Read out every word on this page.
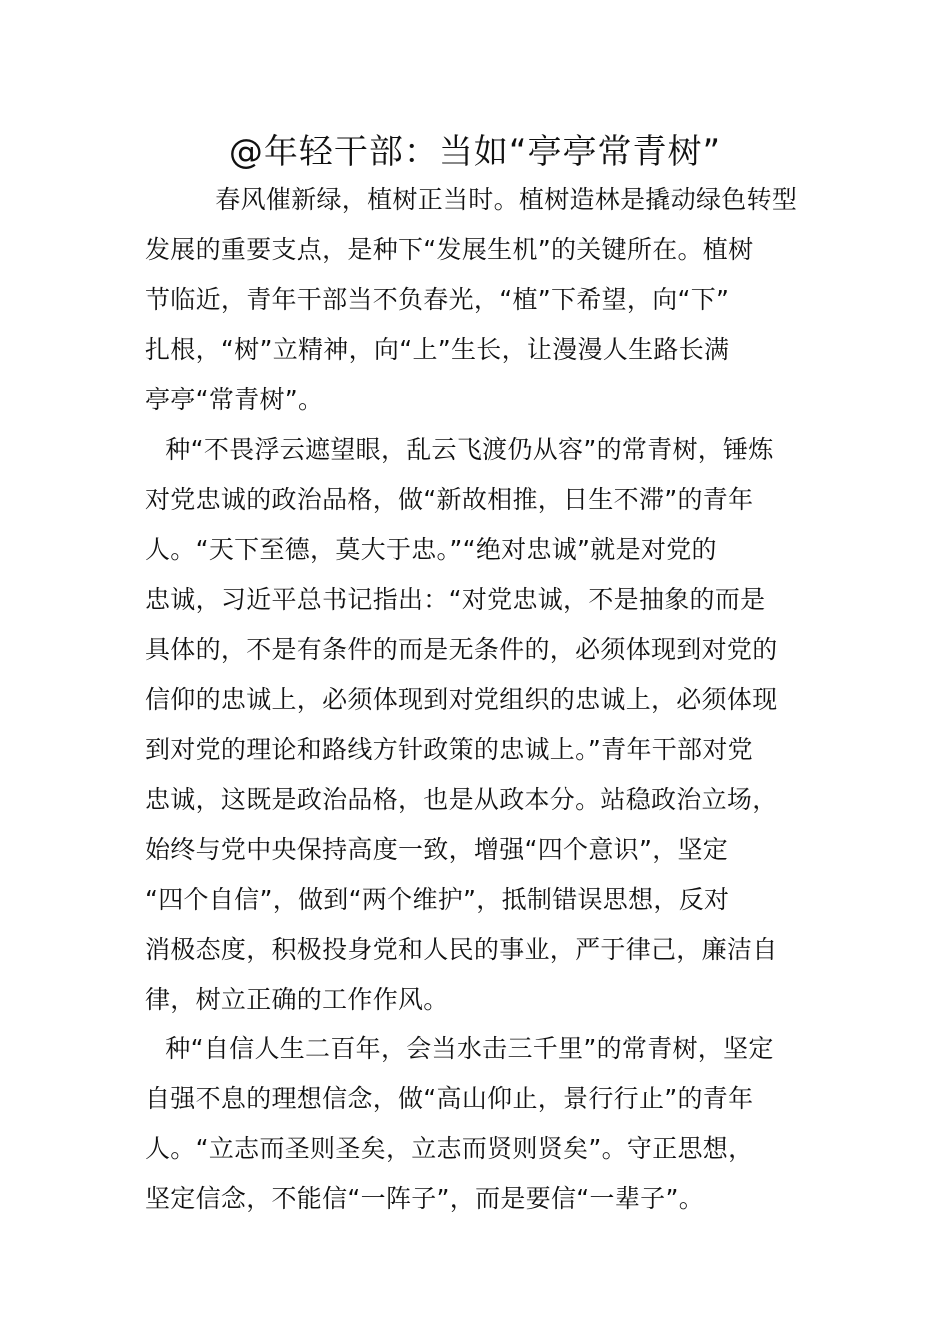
@年轻干部：当如“亭亭常青树”
　春风催新绿，植树正当时。植树造林是撬动绿色转型
发展的重要支点，是种下“发展生机”的关键所在。植树
节临近，青年干部当不负春光，“植”下希望，向“下”
扎根，“树”立精神，向“上”生长，让漫漫人生路长满
亭亭“常青树”。
　种“不畏浮云遮望眼，乱云飞渡仍从容”的常青树，锤炼
对党忠诚的政治品格，做“新故相推，日生不滞”的青年
人。“天下至德，莫大于忠。”“绝对忠诚”就是对党的
忠诚，习近平总书记指出：“对党忠诚，不是抽象的而是
具体的，不是有条件的而是无条件的，必须体现到对党的
信仰的忠诚上，必须体现到对党组织的忠诚上，必须体现
到对党的理论和路线方针政策的忠诚上。”青年干部对党
忠诚，这既是政治品格，也是从政本分。站稳政治立场，
始终与党中央保持高度一致，增强“四个意识”，坚定
“四个自信”，做到“两个维护”，抵制错误思想，反对
消极态度，积极投身党和人民的事业，严于律己，廉洁自
律，树立正确的工作作风。
　种“自信人生二百年，会当水击三千里”的常青树，坚定
自强不息的理想信念，做“高山仰止，景行行止”的青年
人。“立志而圣则圣矣，立志而贤则贤矣”。守正思想，
坚定信念，不能信“一阵子”，而是要信“一辈子”。
